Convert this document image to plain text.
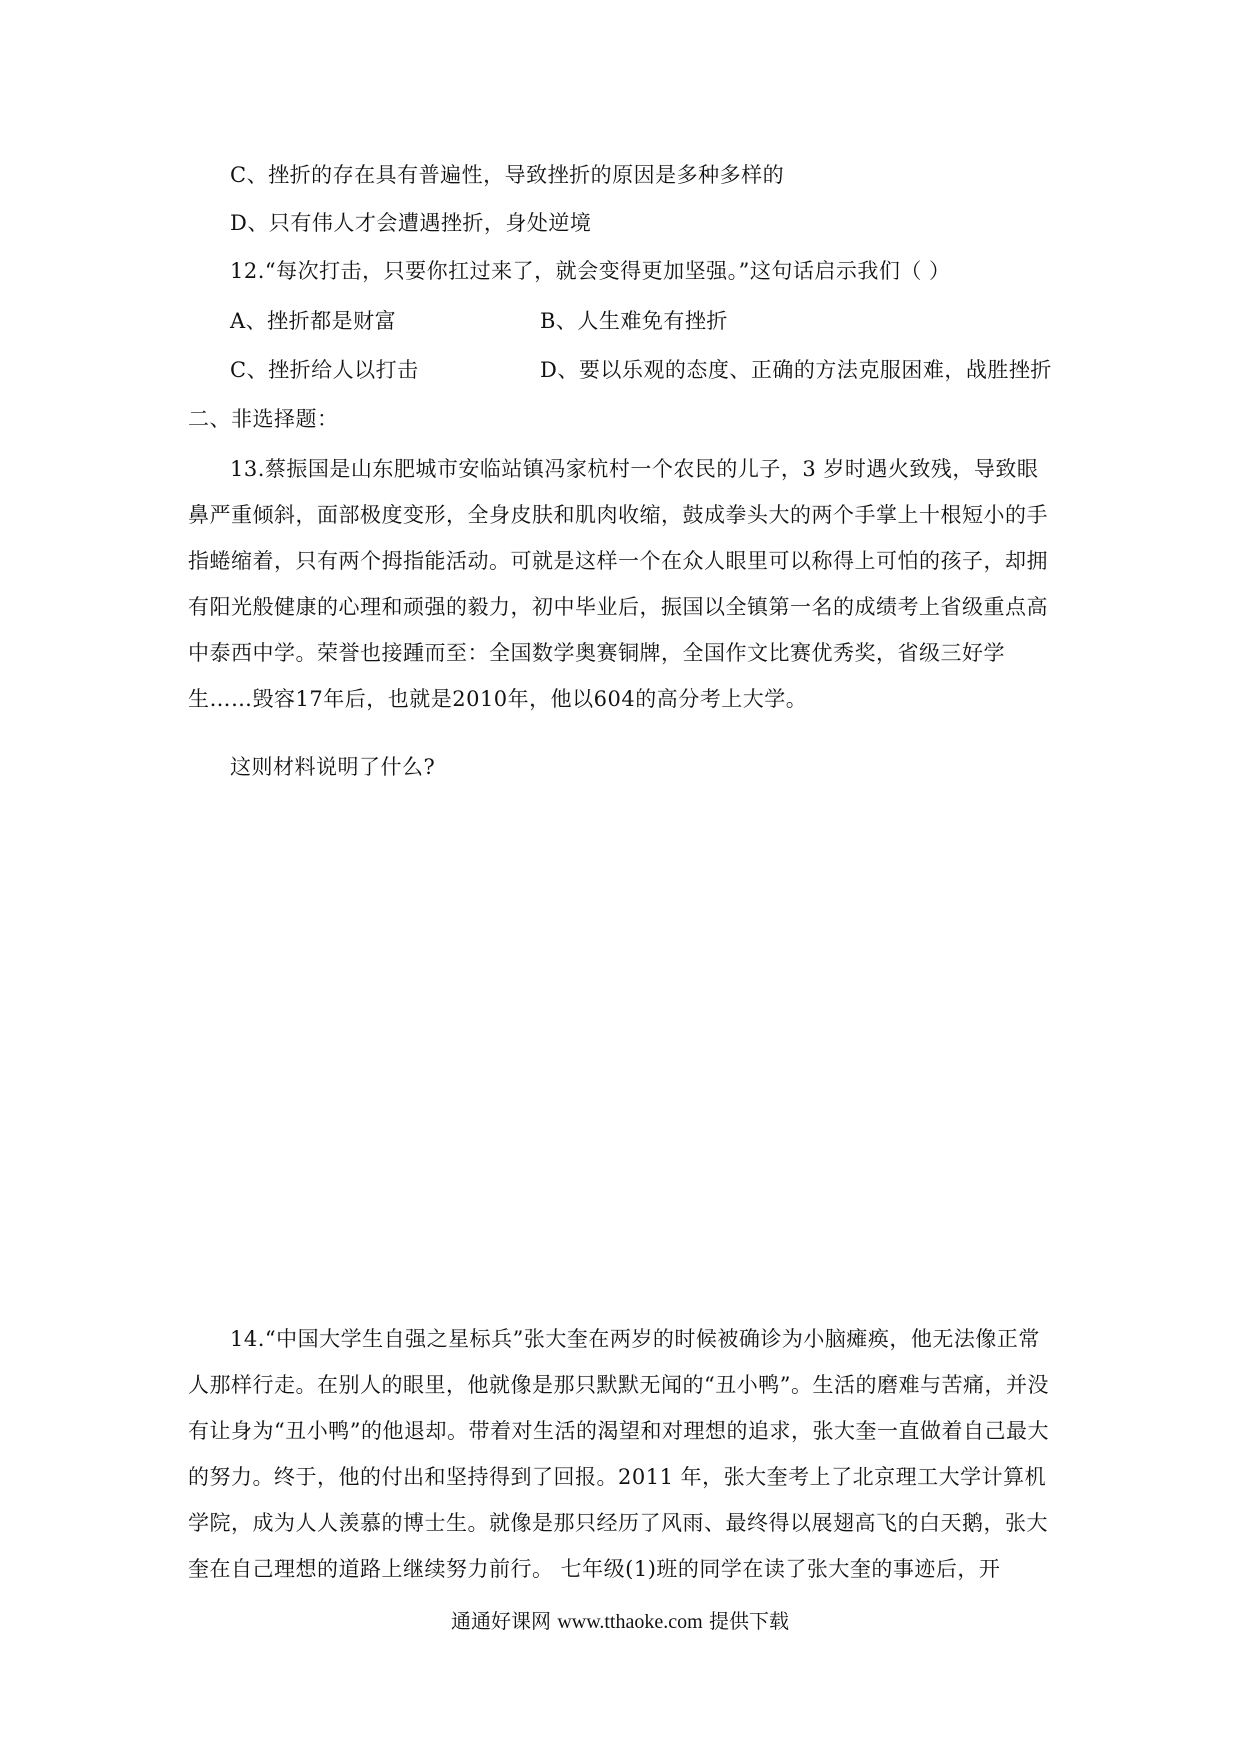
C、挫折的存在具有普遍性，导致挫折的原因是多种多样的
D、只有伟人才会遭遇挫折，身处逆境
12.“每次打击，只要你扛过来了，就会变得更加坚强。”这句话启示我们（ ）
A、挫折都是财富	B、人生难免有挫折
C、挫折给人以打击	D、要以乐观的态度、正确的方法克服困难，战胜挫折
二、非选择题：
13.蔡振国是山东肥城市安临站镇冯家杭村一个农民的儿子，3 岁时遇火致残，导致眼鼻严重倾斜，面部极度变形，全身皮肤和肌肉收缩，鼓成拳头大的两个手掌上十根短小的手指蜷缩着，只有两个拇指能活动。可就是这样一个在众人眼里可以称得上可怕的孩子，却拥有阳光般健康的心理和顽强的毅力，初中毕业后，振国以全镇第一名的成绩考上省级重点高中泰西中学。荣誉也接踵而至：全国数学奥赛铜牌，全国作文比赛优秀奖，省级三好学生……毁容17年后，也就是2010年，他以604的高分考上大学。
这则材料说明了什么?
14.“中国大学生自强之星标兵”张大奎在两岁的时候被确诊为小脑瘫痪，他无法像正常人那样行走。在别人的眼里，他就像是那只默默无闻的“丑小鸭”。生活的磨难与苦痛，并没有让身为“丑小鸭”的他退却。带着对生活的渴望和对理想的追求，张大奎一直做着自己最大的努力。终于，他的付出和坚持得到了回报。2011 年，张大奎考上了北京理工大学计算机学院，成为人人羡慕的博士生。就像是那只经历了风雨、最终得以展翅高飞的白天鹅，张大奎在自己理想的道路上继续努力前行。 七年级(1)班的同学在读了张大奎的事迹后，开
通通好课网 www.tthaoke.com 提供下载
